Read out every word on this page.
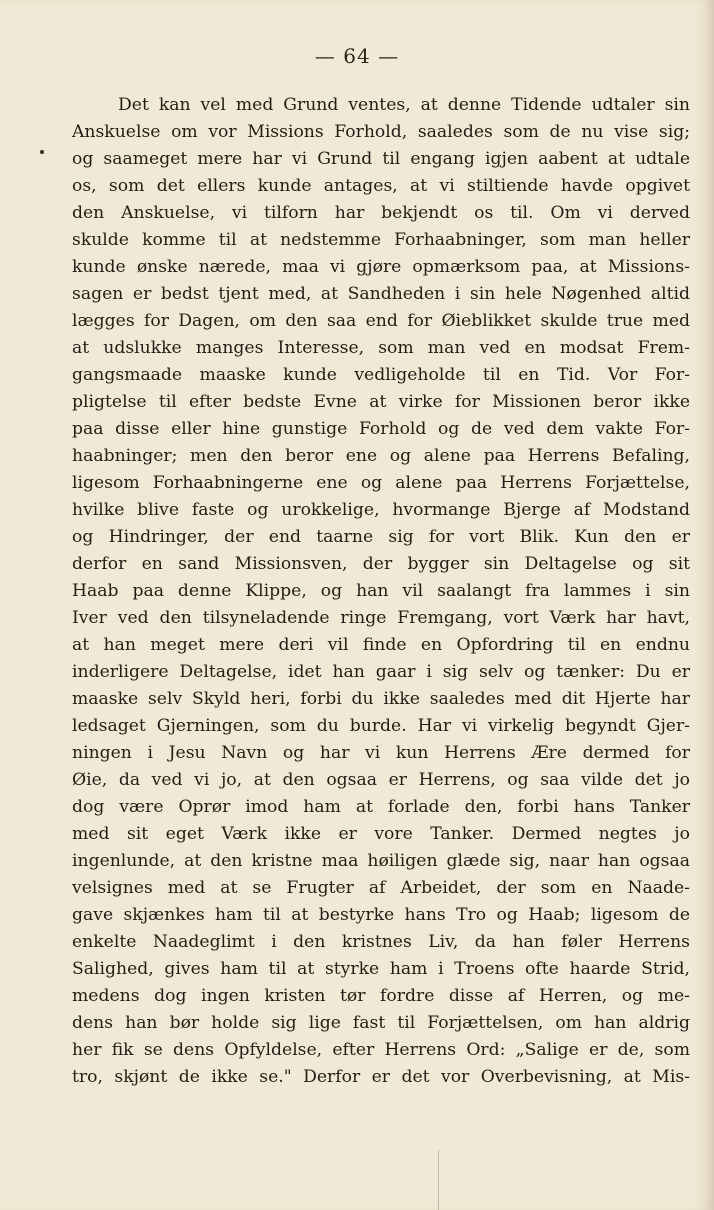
— 64 —
Det kan vel med Grund ventes, at denne Tidende udtaler sin
Anskuelse om vor Missions Forhold, saaledes som de nu vise sig;
og saameget mere har vi Grund til engang igjen aabent at udtale
os, som det ellers kunde antages, at vi stiltiende havde opgivet
den Anskuelse, vi tilforn har bekjendt os til. Om vi derved
skulde komme til at nedstemme Forhaabninger, som man heller
kunde ønske nærede, maa vi gjøre opmærksom paa, at Missions-
sagen er bedst tjent med, at Sandheden i sin hele Nøgenhed altid
lægges for Dagen, om den saa end for Øieblikket skulde true med
at udslukke manges Interesse, som man ved en modsat Frem-
gangsmaade maaske kunde vedligeholde til en Tid. Vor For-
pligtelse til efter bedste Evne at virke for Missionen beror ikke
paa disse eller hine gunstige Forhold og de ved dem vakte For-
haabninger; men den beror ene og alene paa Herrens Befaling,
ligesom Forhaabningerne ene og alene paa Herrens Forjættelse,
hvilke blive faste og urokkelige, hvormange Bjerge af Modstand
og Hindringer, der end taarne sig for vort Blik. Kun den er
derfor en sand Missionsven, der bygger sin Deltagelse og sit
Haab paa denne Klippe, og han vil saalangt fra lammes i sin
Iver ved den tilsyneladende ringe Fremgang, vort Værk har havt,
at han meget mere deri vil finde en Opfordring til en endnu
inderligere Deltagelse, idet han gaar i sig selv og tænker: Du er
maaske selv Skyld heri, forbi du ikke saaledes med dit Hjerte har
ledsaget Gjerningen, som du burde. Har vi virkelig begyndt Gjer-
ningen i Jesu Navn og har vi kun Herrens Ære dermed for
Øie, da ved vi jo, at den ogsaa er Herrens, og saa vilde det jo
dog være Oprør imod ham at forlade den, forbi hans Tanker
med sit eget Værk ikke er vore Tanker. Dermed negtes jo
ingenlunde, at den kristne maa høiligen glæde sig, naar han ogsaa
velsignes med at se Frugter af Arbeidet, der som en Naade-
gave skjænkes ham til at bestyrke hans Tro og Haab; ligesom de
enkelte Naadeglimt i den kristnes Liv, da han føler Herrens
Salighed, gives ham til at styrke ham i Troens ofte haarde Strid,
medens dog ingen kristen tør fordre disse af Herren, og me-
dens han bør holde sig lige fast til Forjættelsen, om han aldrig
her fik se dens Opfyldelse, efter Herrens Ord: „Salige er de, som
tro, skjønt de ikke se." Derfor er det vor Overbevisning, at Mis-
